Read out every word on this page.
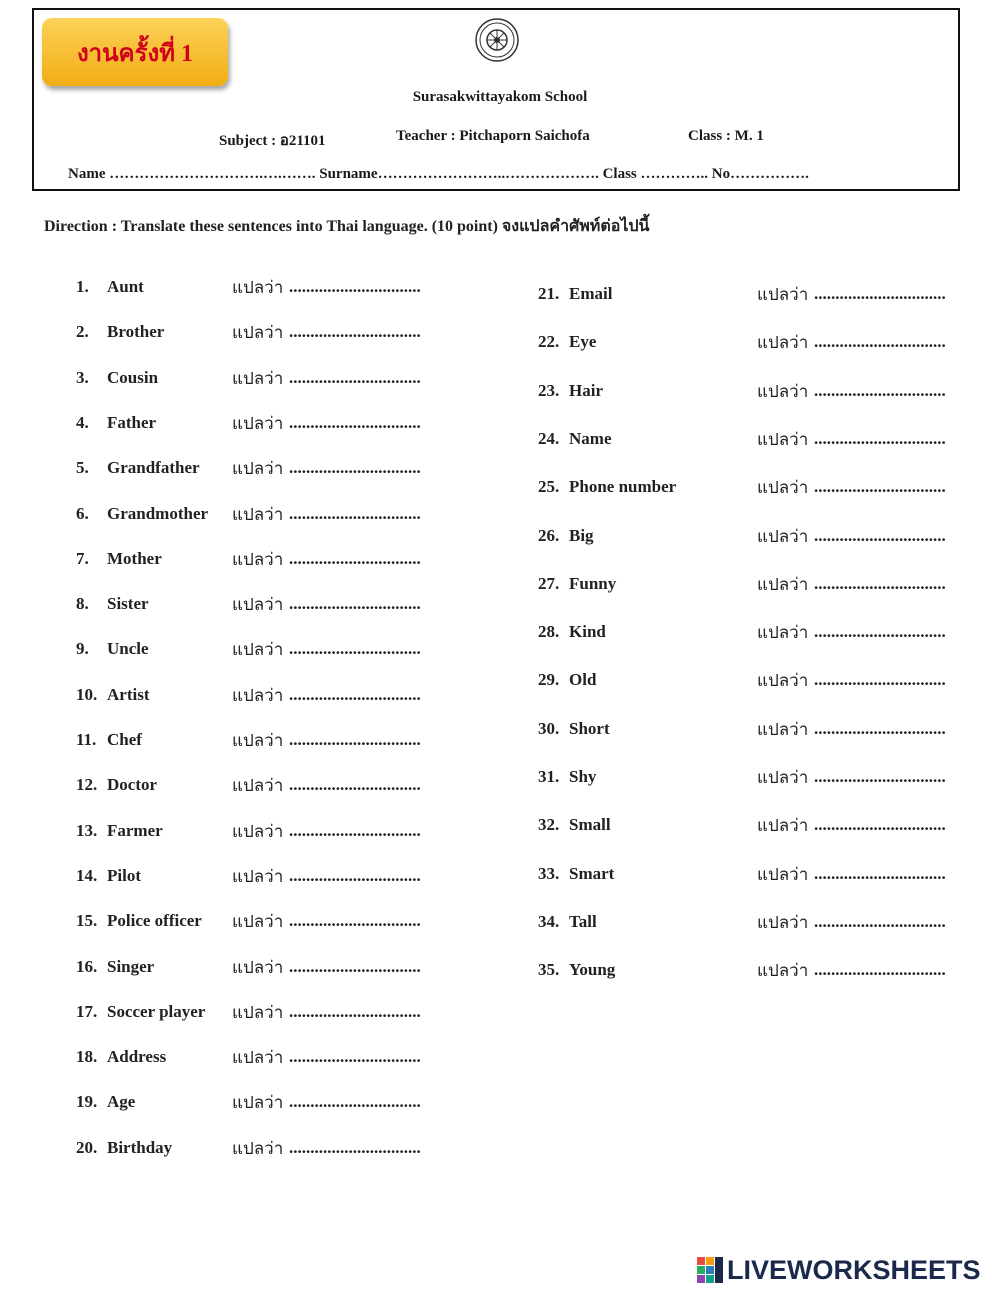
งานครั้งที่ 1
Surasakwittayakom School
Subject : อ21101	Teacher : Pitchaporn Saichofa	Class : M. 1
Name ………………………….….……. Surname……………………..………………. Class ………….. No…………….
Direction : Translate these sentences into Thai language. (10 point) จงแปลคำศัพท์ต่อไปนี้
1. Aunt	แปลว่า ...............................
2. Brother	แปลว่า ...............................
3. Cousin	แปลว่า ...............................
4. Father	แปลว่า ...............................
5. Grandfather แปลว่า ...............................
6. Grandmother แปลว่า ...............................
7. Mother	แปลว่า ...............................
8. Sister	แปลว่า ...............................
9. Uncle	แปลว่า ...............................
10. Artist	แปลว่า ...............................
11. Chef	แปลว่า ...............................
12. Doctor	แปลว่า ...............................
13. Farmer	แปลว่า ...............................
14. Pilot	แปลว่า ...............................
15. Police officer แปลว่า ...............................
16. Singer	แปลว่า ...............................
17. Soccer player แปลว่า ...............................
18. Address	แปลว่า ...............................
19. Age	แปลว่า ...............................
20. Birthday	แปลว่า ...............................
21. Email	แปลว่า ...............................
22. Eye	แปลว่า ...............................
23. Hair	แปลว่า ...............................
24. Name	แปลว่า ...............................
25. Phone number	แปลว่า ...............................
26. Big	แปลว่า ...............................
27. Funny	แปลว่า ...............................
28. Kind	แปลว่า ...............................
29. Old	แปลว่า ...............................
30. Short	แปลว่า ...............................
31. Shy	แปลว่า ...............................
32. Small	แปลว่า ...............................
33. Smart	แปลว่า ...............................
34. Tall	แปลว่า ...............................
35. Young	แปลว่า ...............................
LIVEWORKSHEETS
